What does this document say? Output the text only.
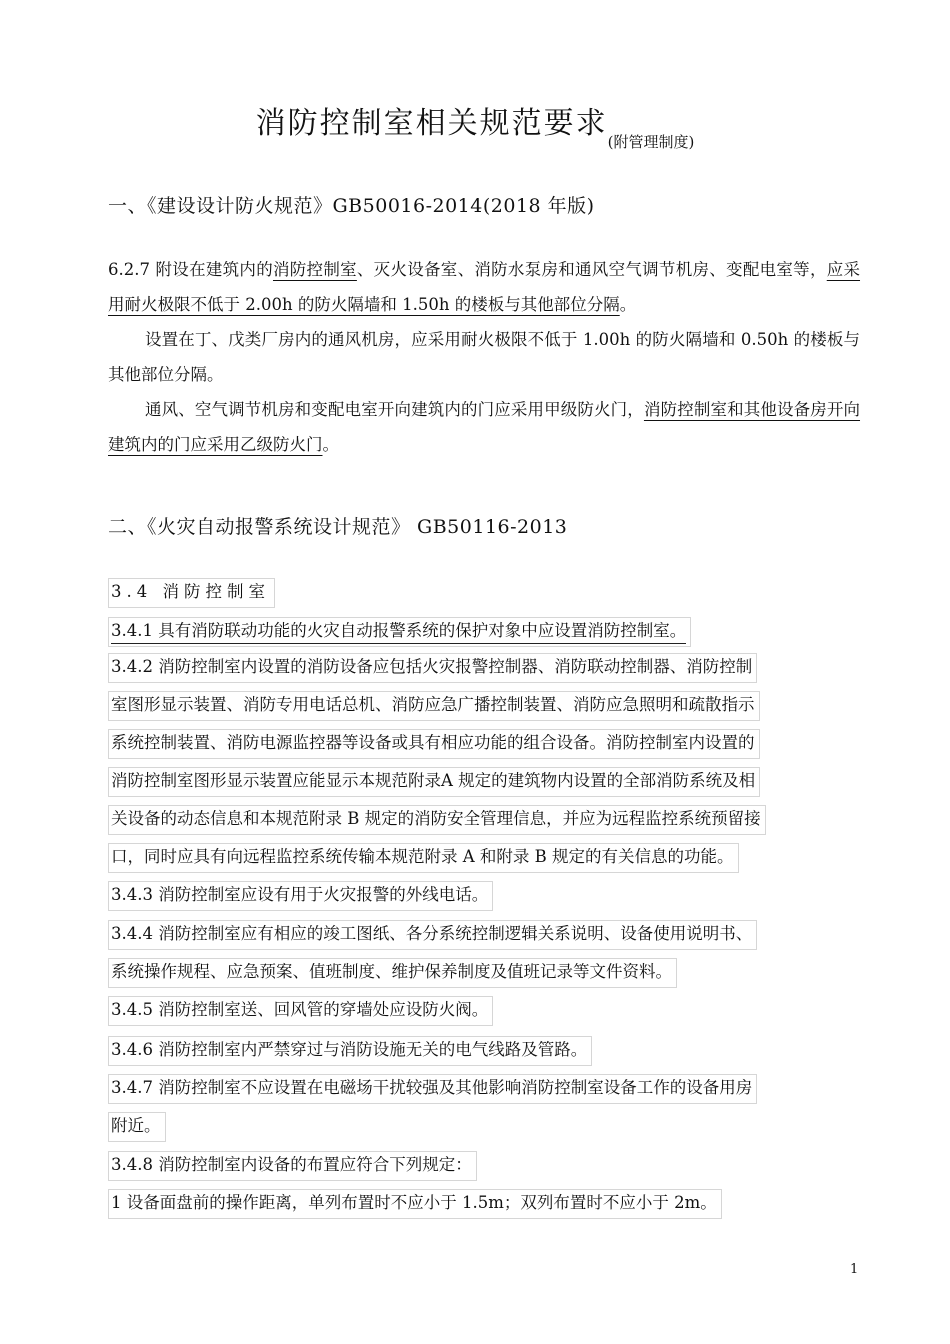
消防控制室相关规范要求$_{(附管理制度)}$
一、《建设设计防火规范》GB50016-2014(2018 年版)

6.2.7 附设在建筑内的消防控制室、灭火设备室、消防水泵房和通风空气调节机房、变配电室等，应采用耐火极限不低于 2.00h 的防火隔墙和 1.50h 的楼板与其他部位分隔。

设置在丁、戊类厂房内的通风机房，应采用耐火极限不低于 1.00h 的防火隔墙和 0.50h 的楼板与其他部位分隔。

通风、空气调节机房和变配电室开向建筑内的门应采用甲级防火门，消防控制室和其他设备房开向建筑内的门应采用乙级防火门。

二、《火灾自动报警系统设计规范》 GB50116-2013
3.4 消防控制室
3.4.1 具有消防联动功能的火灾自动报警系统的保护对象中应设置消防控制室。
3.4.2 消防控制室内设置的消防设备应包括火灾报警控制器、消防联动控制器、消防控制
室图形显示装置、消防专用电话总机、消防应急广播控制装置、消防应急照明和疏散指示
系统控制装置、消防电源监控器等设备或具有相应功能的组合设备。消防控制室内设置的
消防控制室图形显示装置应能显示本规范附录A 规定的建筑物内设置的全部消防系统及相
关设备的动态信息和本规范附录 B 规定的消防安全管理信息，并应为远程监控系统预留接
口，同时应具有向远程监控系统传输本规范附录 A 和附录 B 规定的有关信息的功能。
3.4.3 消防控制室应设有用于火灾报警的外线电话。
3.4.4 消防控制室应有相应的竣工图纸、各分系统控制逻辑关系说明、设备使用说明书、
系统操作规程、应急预案、值班制度、维护保养制度及值班记录等文件资料。
3.4.5 消防控制室送、回风管的穿墙处应设防火阀。
3.4.6 消防控制室内严禁穿过与消防设施无关的电气线路及管路。
3.4.7 消防控制室不应设置在电磁场干扰较强及其他影响消防控制室设备工作的设备用房
附近。
3.4.8 消防控制室内设备的布置应符合下列规定：
1 设备面盘前的操作距离，单列布置时不应小于 1.5m；双列布置时不应小于 2m。
1
